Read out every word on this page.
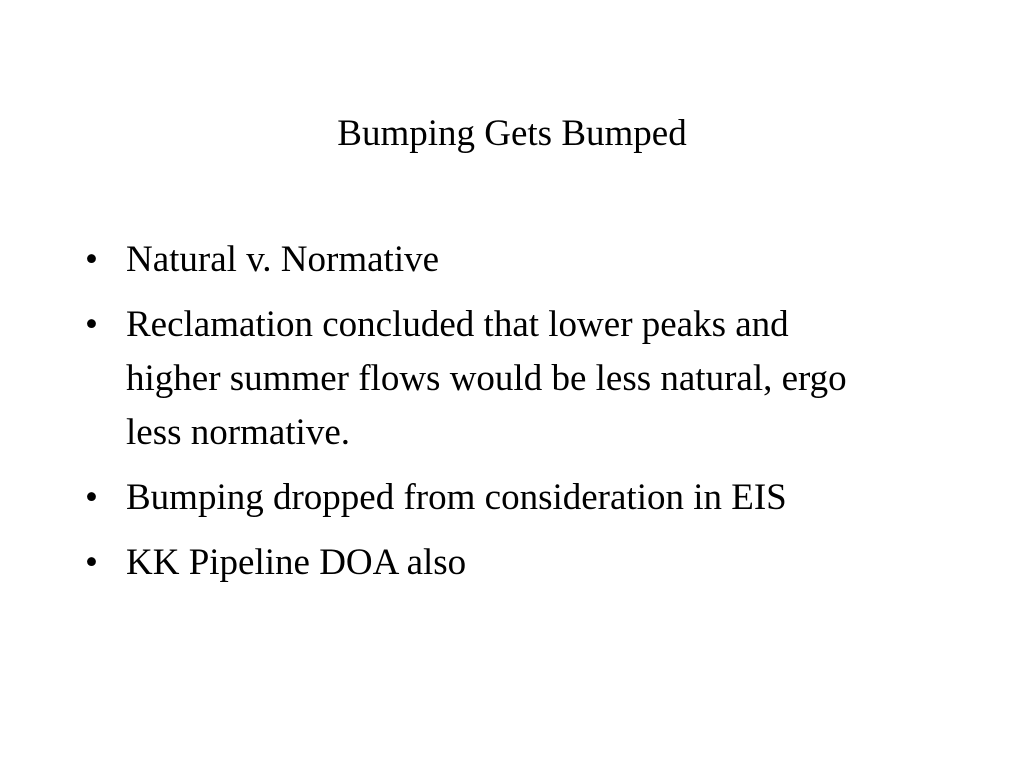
Bumping Gets Bumped
• Natural v. Normative
• Reclamation concluded that lower peaks and higher summer flows would be less natural, ergo less normative.
• Bumping dropped from consideration in EIS
• KK Pipeline DOA also
